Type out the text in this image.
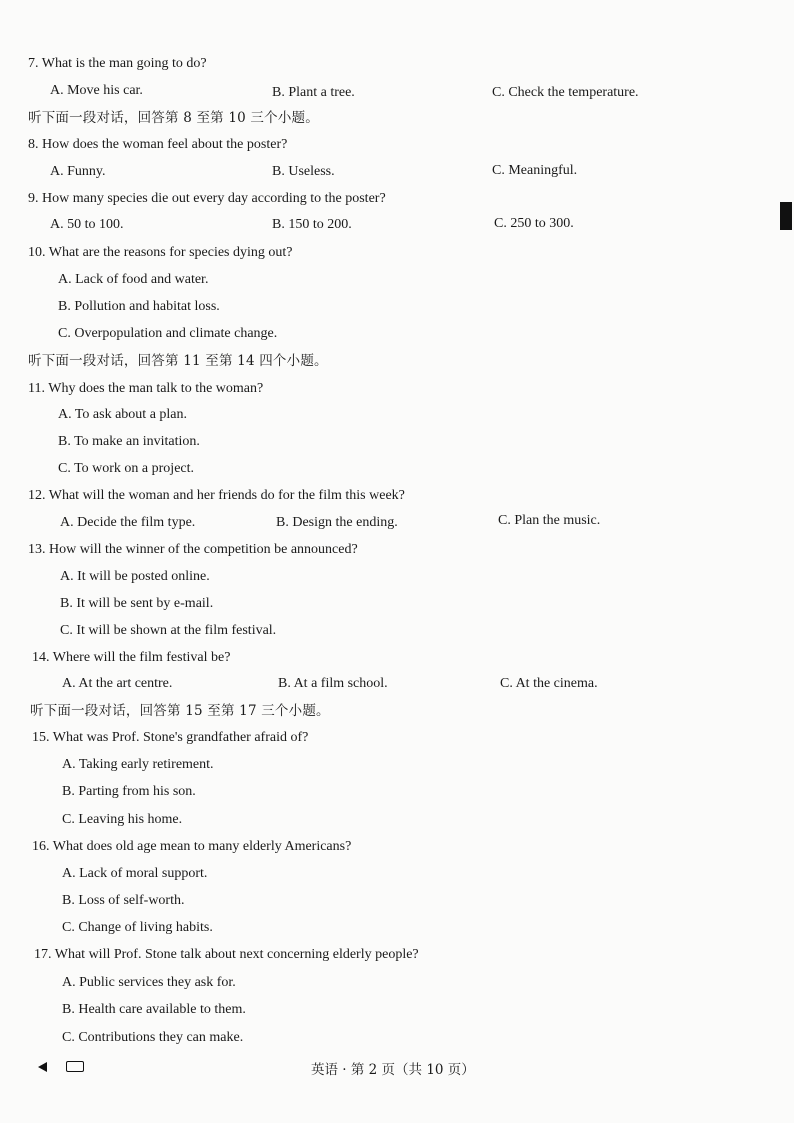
7. What is the man going to do?
A. Move his car.	B. Plant a tree.	C. Check the temperature.
听下面一段对话，回答第 8 至第 10 三个小题。
8. How does the woman feel about the poster?
A. Funny.	B. Useless.	C. Meaningful.
9. How many species die out every day according to the poster?
A. 50 to 100.	B. 150 to 200.	C. 250 to 300.
10. What are the reasons for species dying out?
A. Lack of food and water.
B. Pollution and habitat loss.
C. Overpopulation and climate change.
听下面一段对话，回答第 11 至第 14 四个小题。
11. Why does the man talk to the woman?
A. To ask about a plan.
B. To make an invitation.
C. To work on a project.
12. What will the woman and her friends do for the film this week?
A. Decide the film type.	B. Design the ending.	C. Plan the music.
13. How will the winner of the competition be announced?
A. It will be posted online.
B. It will be sent by e-mail.
C. It will be shown at the film festival.
14. Where will the film festival be?
A. At the art centre.	B. At a film school.	C. At the cinema.
听下面一段对话，回答第 15 至第 17 三个小题。
15. What was Prof. Stone's grandfather afraid of?
A. Taking early retirement.
B. Parting from his son.
C. Leaving his home.
16. What does old age mean to many elderly Americans?
A. Lack of moral support.
B. Loss of self-worth.
C. Change of living habits.
17. What will Prof. Stone talk about next concerning elderly people?
A. Public services they ask for.
B. Health care available to them.
C. Contributions they can make.
英语 · 第 2 页（共 10 页）
